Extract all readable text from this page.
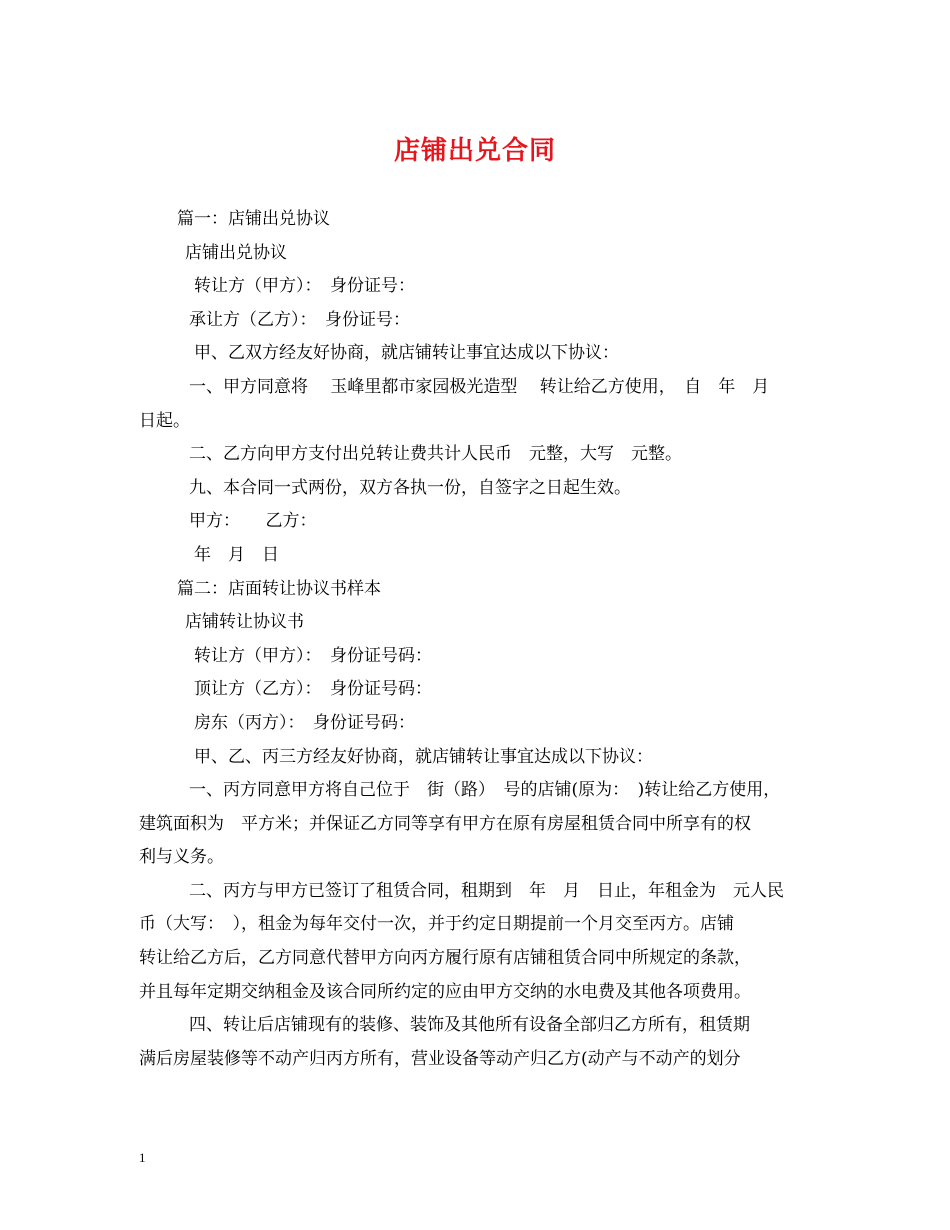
店铺出兑合同
篇一：店铺出兑协议
店铺出兑协议
转让方（甲方）：　身份证号：
承让方（乙方）：　身份证号：
甲、乙双方经友好协商，就店铺转让事宜达成以下协议：
一、甲方同意将　 玉峰里都市家园极光造型　 转让给乙方使用，　自　年　月
日起。
二、乙方向甲方支付出兑转让费共计人民币　元整，大写　元整。
九、本合同一式两份，双方各执一份，自签字之日起生效。
甲方：　　乙方：
年　月　日
篇二：店面转让协议书样本
店铺转让协议书
转让方（甲方）：　身份证号码：
顶让方（乙方）：　身份证号码：
房东（丙方）：　身份证号码：
甲、乙、丙三方经友好协商，就店铺转让事宜达成以下协议：
一、丙方同意甲方将自己位于　街（路）　号的店铺(原为：　)转让给乙方使用，
建筑面积为　平方米；并保证乙方同等享有甲方在原有房屋租赁合同中所享有的权
利与义务。
二、丙方与甲方已签订了租赁合同，租期到　年　月　日止，年租金为　元人民
币（大写：　），租金为每年交付一次，并于约定日期提前一个月交至丙方。店铺
转让给乙方后，乙方同意代替甲方向丙方履行原有店铺租赁合同中所规定的条款，
并且每年定期交纳租金及该合同所约定的应由甲方交纳的水电费及其他各项费用。
四、转让后店铺现有的装修、装饰及其他所有设备全部归乙方所有，租赁期
满后房屋装修等不动产归丙方所有，营业设备等动产归乙方(动产与不动产的划分
1
